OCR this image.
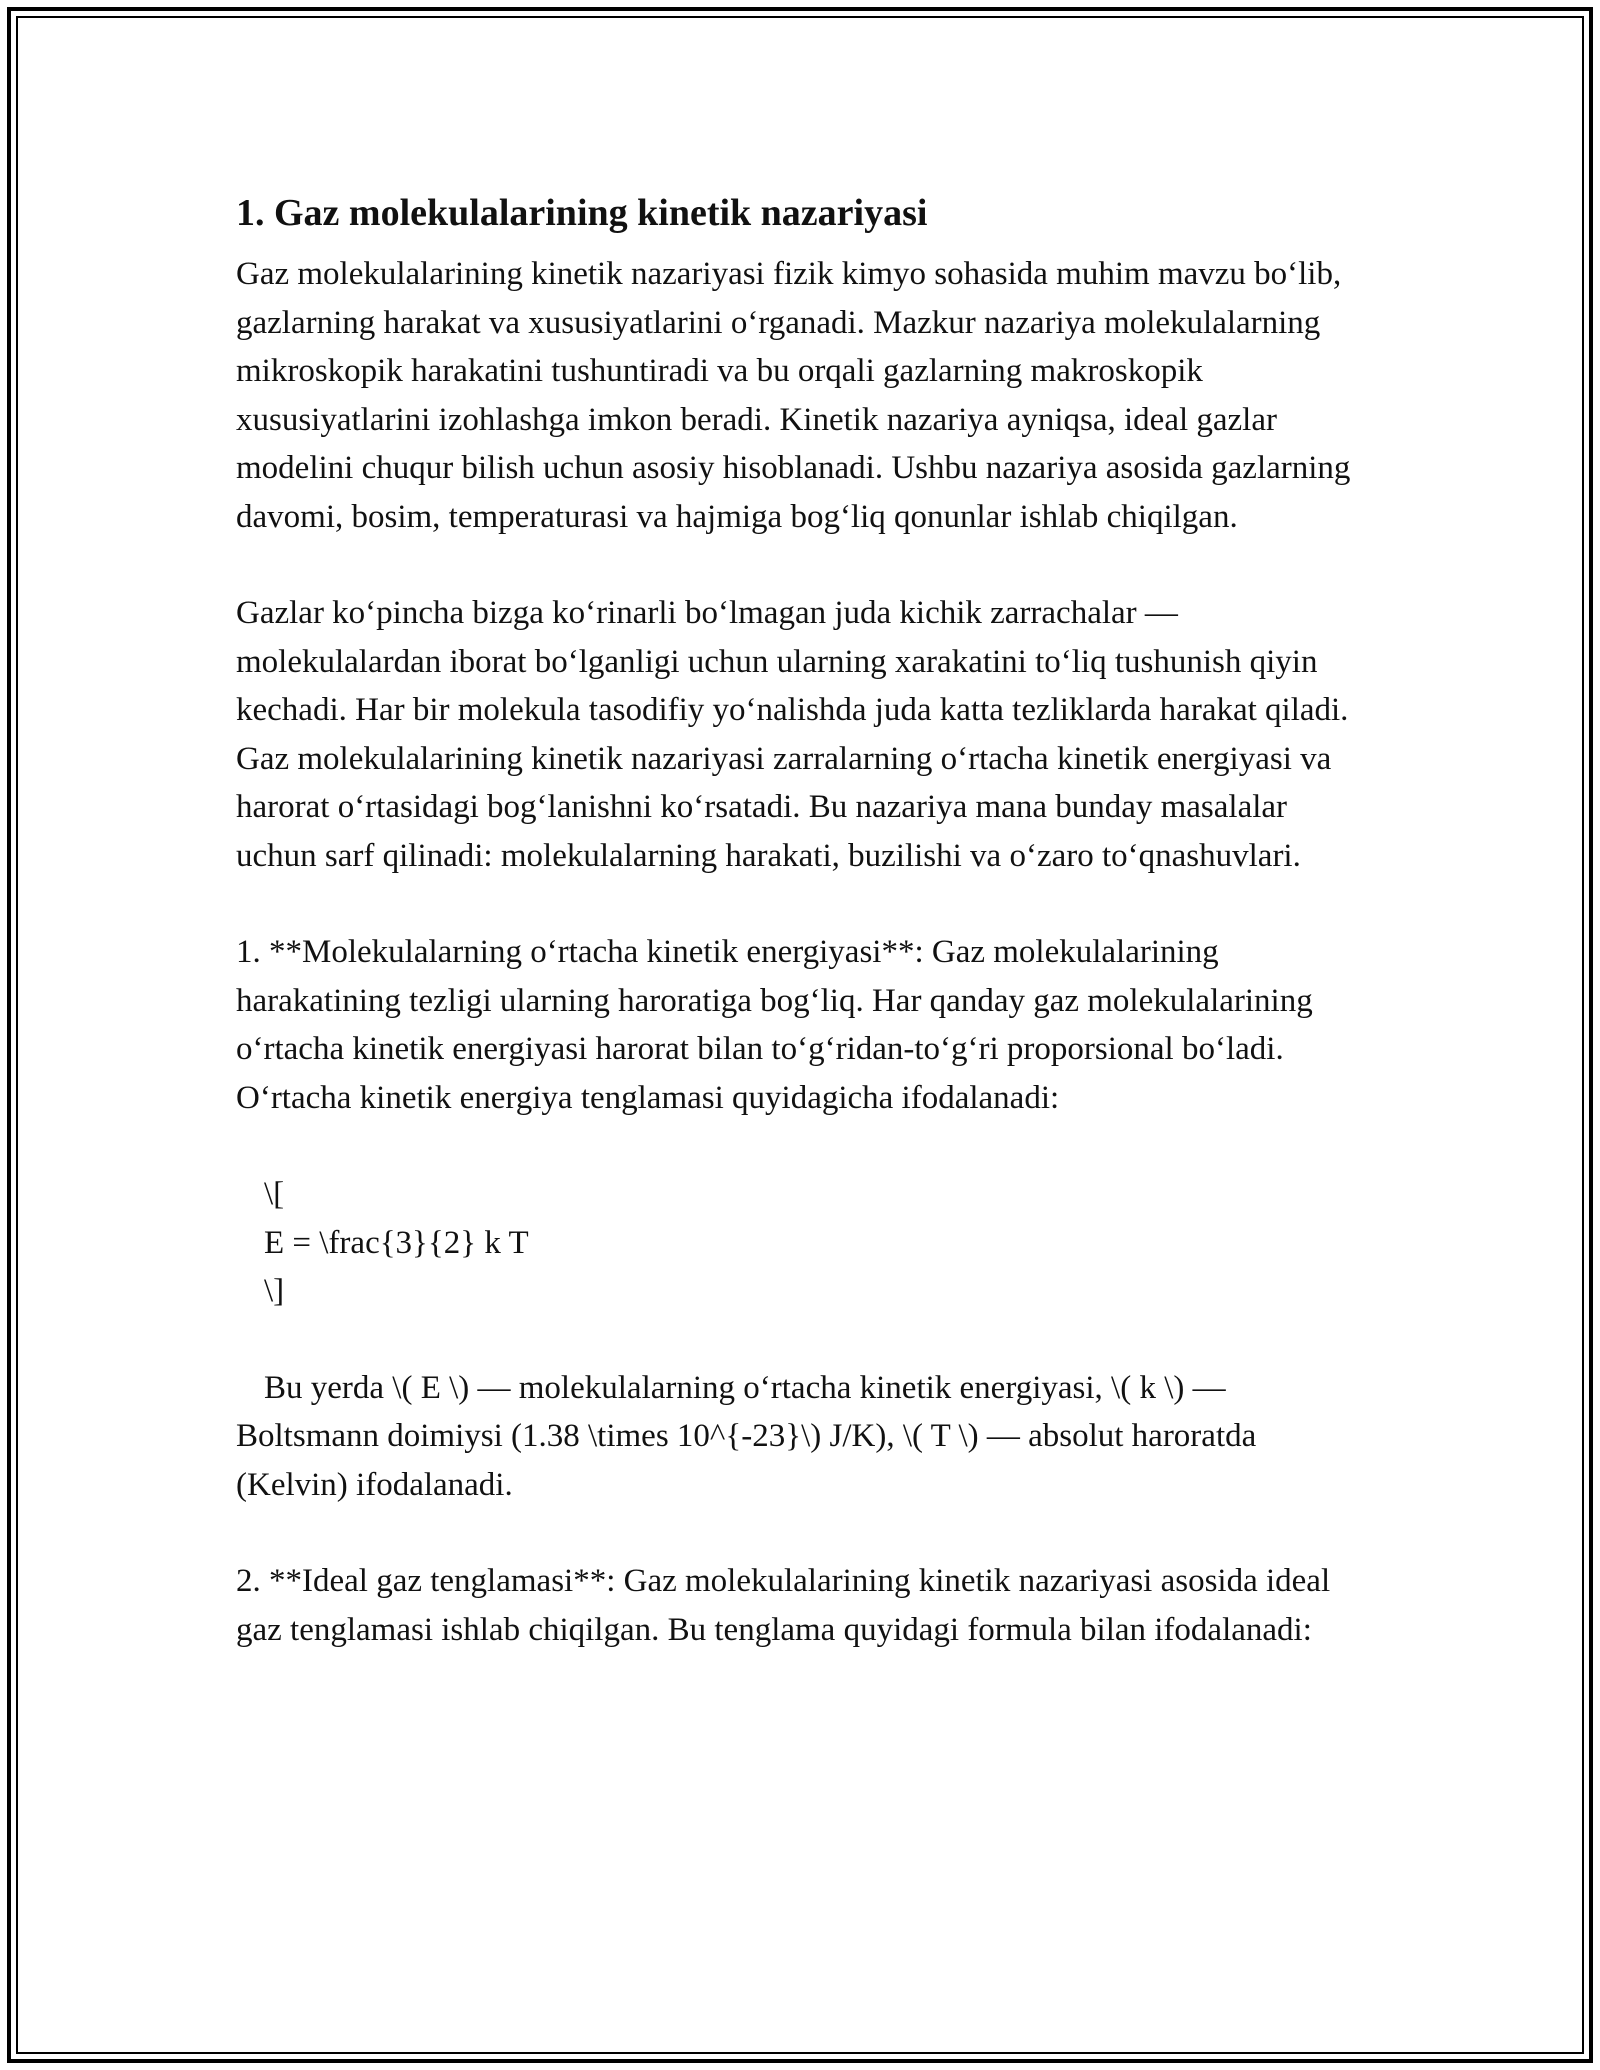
1. Gaz molekulalarining kinetik nazariyasi

Gaz molekulalarining kinetik nazariyasi fizik kimyo sohasida muhim mavzu bo‘lib, gazlarning harakat va xususiyatlarini o‘rganadi. Mazkur nazariya molekulalarning mikroskopik harakatini tushuntiradi va bu orqali gazlarning makroskopik xususiyatlarini izohlashga imkon beradi. Kinetik nazariya ayniqsa, ideal gazlar modelini chuqur bilish uchun asosiy hisoblanadi. Ushbu nazariya asosida gazlarning davomi, bosim, temperaturasi va hajmiga bog‘liq qonunlar ishlab chiqilgan.

Gazlar ko‘pincha bizga ko‘rinarli bo‘lmagan juda kichik zarrachalar — molekulalardan iborat bo‘lganligi uchun ularning xarakatini to‘liq tushunish qiyin kechadi. Har bir molekula tasodifiy yo‘nalishda juda katta tezliklarda harakat qiladi. Gaz molekulalarining kinetik nazariyasi zarralarning o‘rtacha kinetik energiyasi va harorat o‘rtasidagi bog‘lanishni ko‘rsatadi. Bu nazariya mana bunday masalalar uchun sarf qilinadi: molekulalarning harakati, buzilishi va o‘zaro to‘qnashuvlari.

1. **Molekulalarning o‘rtacha kinetik energiyasi**: Gaz molekulalarining harakatining tezligi ularning haroratiga bog‘liq. Har qanday gaz molekulalarining o‘rtacha kinetik energiyasi harorat bilan to‘g‘ridan-to‘g‘ri proporsional bo‘ladi. O‘rtacha kinetik energiya tenglamasi quyidagicha ifodalanadi:

\[

E = \frac{3}{2} k T

\]

Bu yerda \( E \) — molekulalarning o‘rtacha kinetik energiyasi, \( k \) — Boltsmann doimiysi (1.38 \times 10^{-23}\) J/K), \( T \) — absolut haroratda (Kelvin) ifodalanadi.

2. **Ideal gaz tenglamasi**: Gaz molekulalarining kinetik nazariyasi asosida ideal gaz tenglamasi ishlab chiqilgan. Bu tenglama quyidagi formula bilan ifodalanadi:
